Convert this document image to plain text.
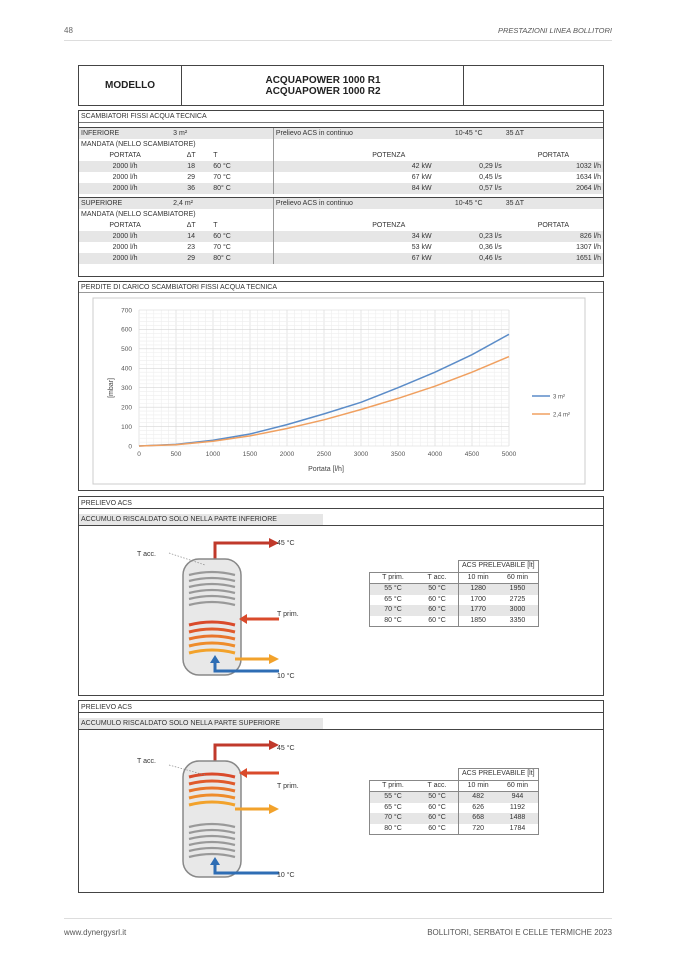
48	PRESTAZIONI LINEA BOLLITORI
MODELLO	ACQUAPOWER 1000 R1
ACQUAPOWER 1000 R2
SCAMBIATORI FISSI ACQUA TECNICA					

INFERIORE	3 m²		Prelievo ACS in continuo	10-45 °C	35 ΔT
MANDATA (NELLO SCAMBIATORE)					
PORTATA	ΔT	T	POTENZA		PORTATA
2000 l/h	18	60 °C	42 kW	0,29 l/s	1032 l/h
2000 l/h	29	70 °C	67 kW	0,45 l/s	1634 l/h
2000 l/h	36	80° C	84 kW	0,57 l/s	2064 l/h

SUPERIORE	2,4 m²		Prelievo ACS in continuo	10-45 °C	35 ΔT
MANDATA (NELLO SCAMBIATORE)					
PORTATA	ΔT	T	POTENZA		PORTATA
2000 l/h	14	60 °C	34 kW	0,23 l/s	826 l/h
2000 l/h	23	70 °C	53 kW	0,36 l/s	1307 l/h
2000 l/h	29	80° C	67 kW	0,46 l/s	1651 l/h
PERDITE DI CARICO SCAMBIATORI FISSI ACQUA TECNICA
0	500	1000	1500	2000	2500	3000	3500	4000	4500	5000
0
100
200
300
400
500
600
700
3 m²
2,4 m²
Portata [l/h]
[mbar]
PRELIEVO ACS
ACCUMULO RISCALDATO SOLO NELLA PARTE INFERIORE
T acc.
45 °C
T prim.
10 °C
		ACS PRELEVABILE [lt]	
T prim.	T acc.	10 min	60 min
55 °C	50 °C	1280	1950
65 °C	60 °C	1700	2725
70 °C	60 °C	1770	3000
80 °C	60 °C	1850	3350
PRELIEVO ACS
ACCUMULO RISCALDATO SOLO NELLA PARTE SUPERIORE
T acc.
45 °C
T prim.
10 °C
		ACS PRELEVABILE [lt]	
T prim.	T acc.	10 min	60 min
55 °C	50 °C	482	944
65 °C	60 °C	626	1192
70 °C	60 °C	668	1488
80 °C	60 °C	720	1784
www.dynergysrl.it	BOLLITORI, SERBATOI E CELLE TERMICHE 2023
